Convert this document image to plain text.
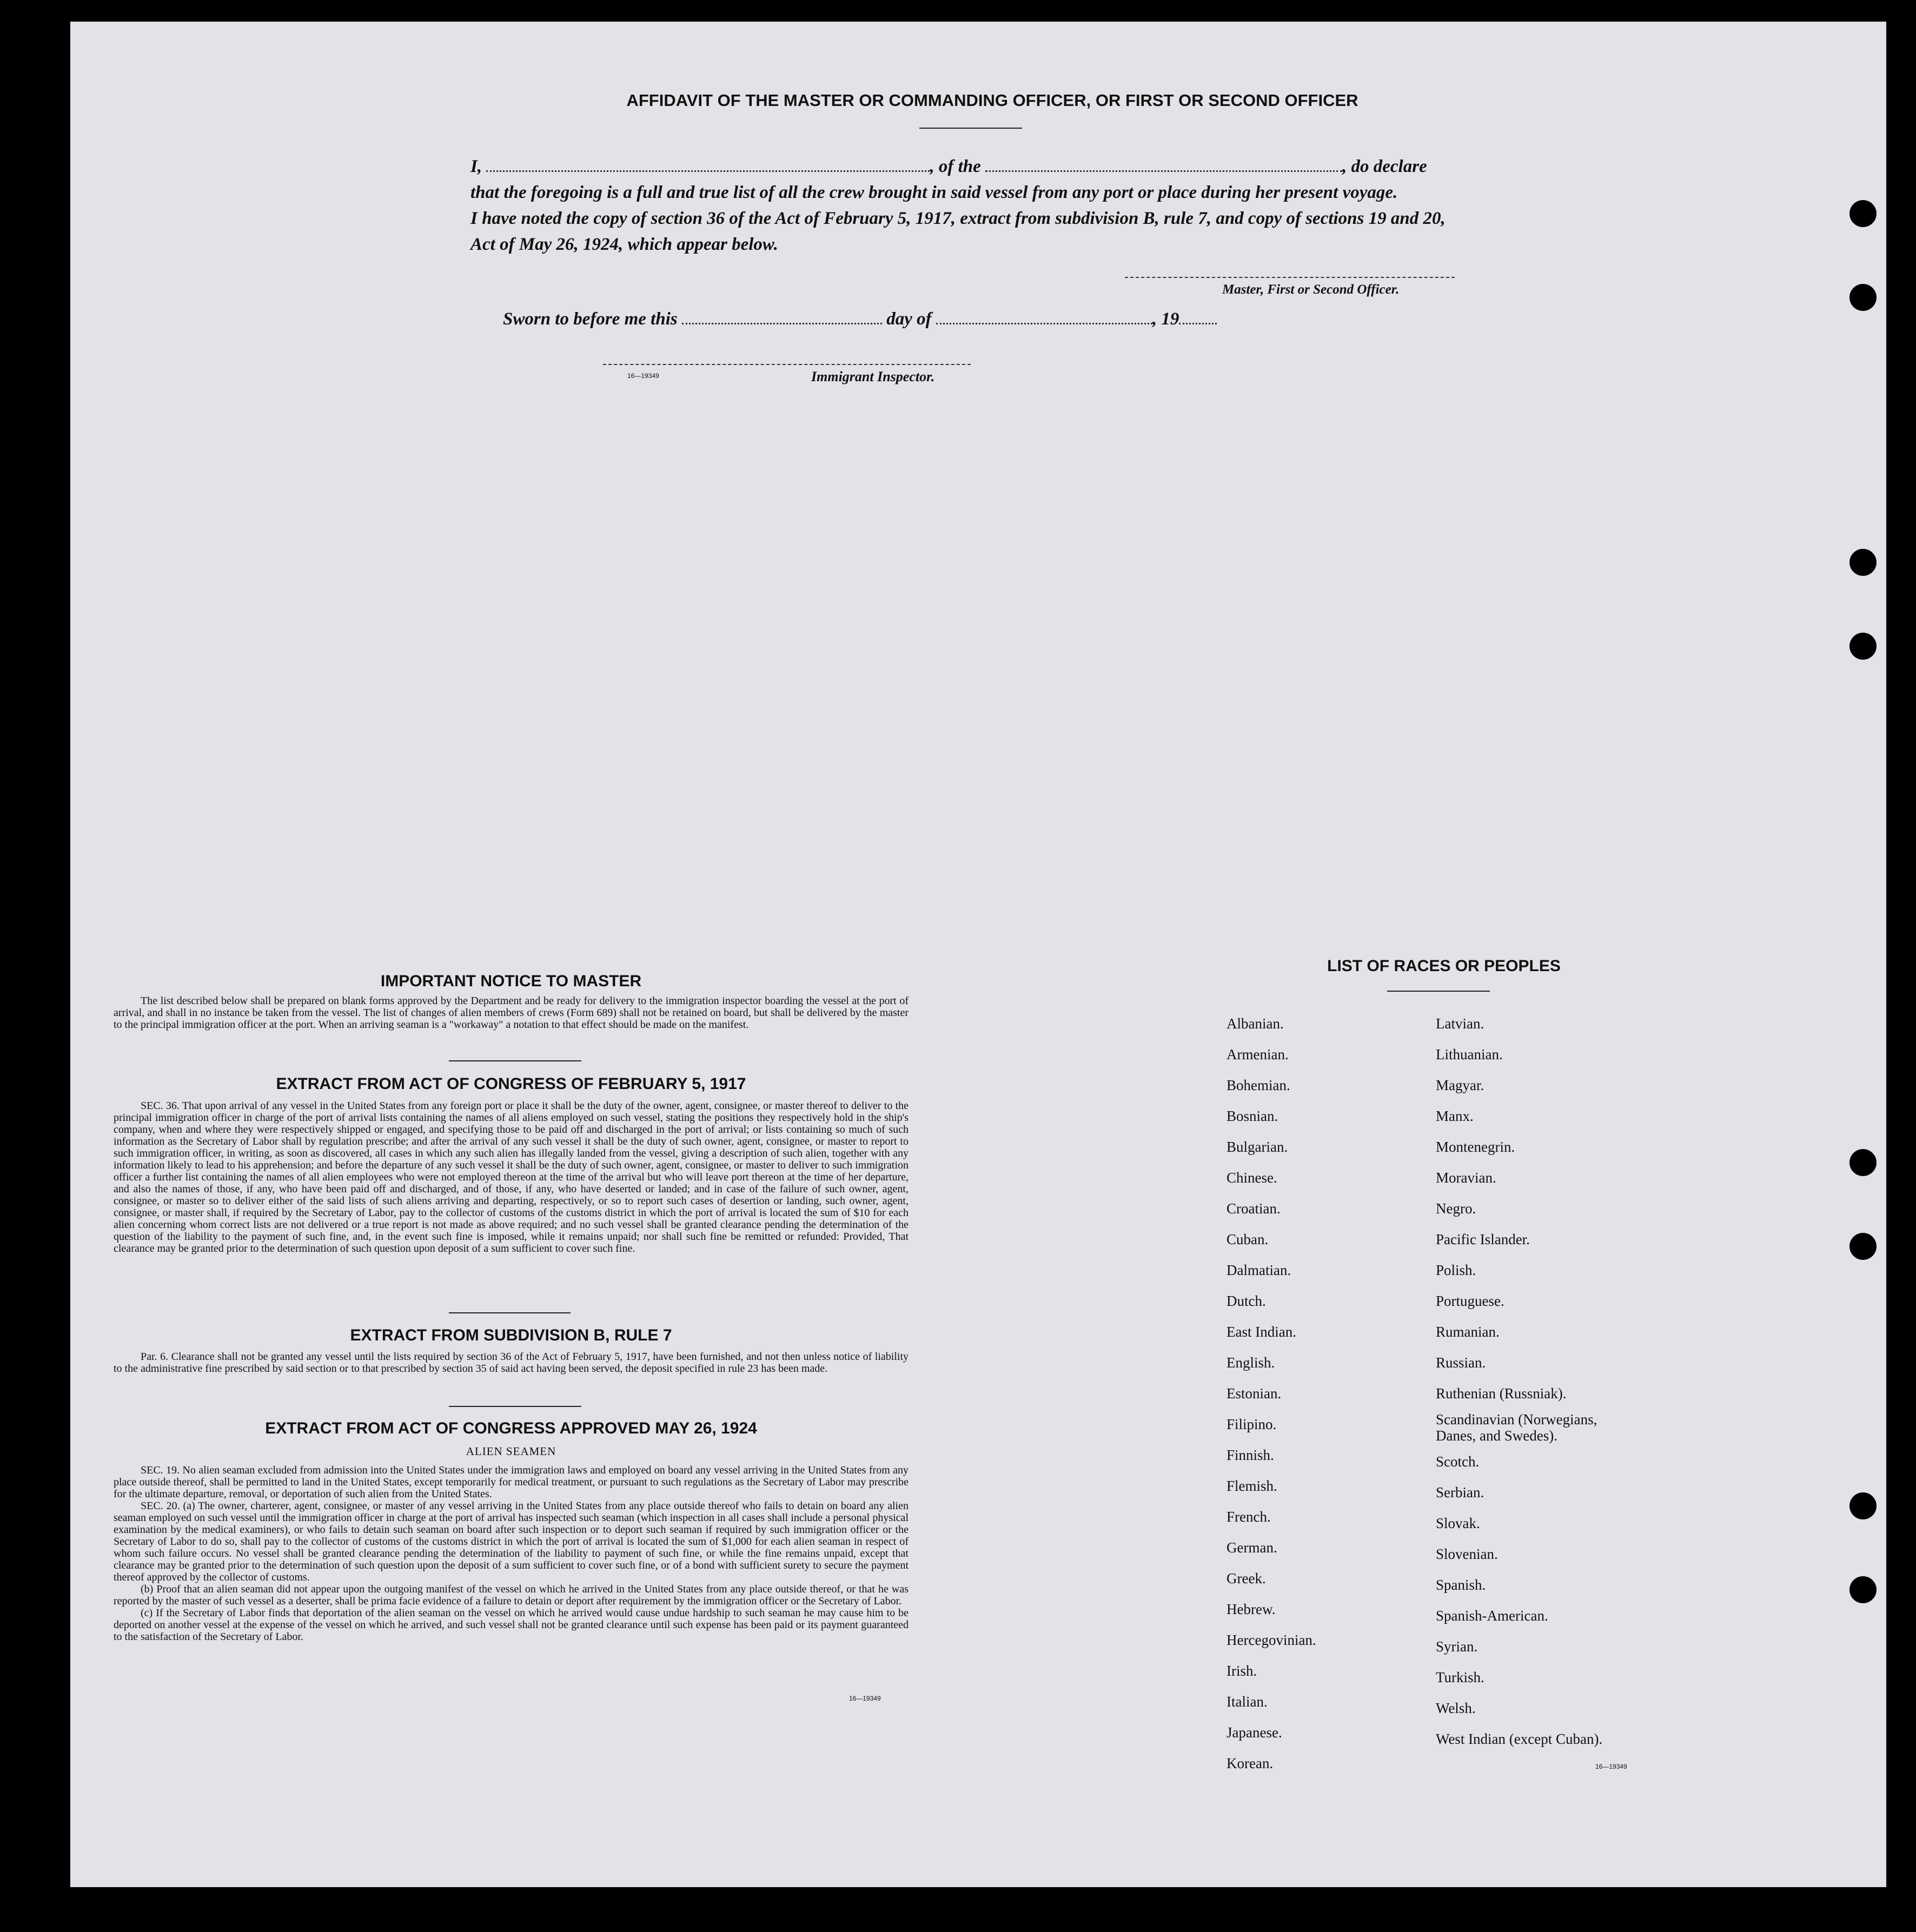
AFFIDAVIT OF THE MASTER OR COMMANDING OFFICER, OR FIRST OR SECOND OFFICER
I,	, of the	, do declare
that the foregoing is a full and true list of all the crew brought in said vessel from any port or place during her present voyage.
I have noted the copy of section 36 of the Act of February 5, 1917, extract from subdivision B, rule 7, and copy of sections 19 and 20,
Act of May 26, 1924, which appear below.
Master, First or Second Officer.
Sworn to before me this	day of	, 19
16—19349	Immigrant Inspector.
IMPORTANT NOTICE TO MASTER

The list described below shall be prepared on blank forms approved by the Department and be ready for delivery to the immigration inspector boarding the vessel at the port of arrival, and shall in no instance be taken from the vessel. The list of changes of alien members of crews (Form 689) shall not be retained on board, but shall be delivered by the master to the principal immigration officer at the port. When an arriving seaman is a "workaway" a notation to that effect should be made on the manifest.

EXTRACT FROM ACT OF CONGRESS OF FEBRUARY 5, 1917

SEC. 36. That upon arrival of any vessel in the United States from any foreign port or place it shall be the duty of the owner, agent, consignee, or master thereof to deliver to the principal immigration officer in charge of the port of arrival lists containing the names of all aliens employed on such vessel, stating the positions they respectively hold in the ship's company, when and where they were respectively shipped or engaged, and specifying those to be paid off and discharged in the port of arrival; or lists containing so much of such information as the Secretary of Labor shall by regulation prescribe; and after the arrival of any such vessel it shall be the duty of such owner, agent, consignee, or master to report to such immigration officer, in writing, as soon as discovered, all cases in which any such alien has illegally landed from the vessel, giving a description of such alien, together with any information likely to lead to his apprehension; and before the departure of any such vessel it shall be the duty of such owner, agent, consignee, or master to deliver to such immigration officer a further list containing the names of all alien employees who were not employed thereon at the time of the arrival but who will leave port thereon at the time of her departure, and also the names of those, if any, who have been paid off and discharged, and of those, if any, who have deserted or landed; and in case of the failure of such owner, agent, consignee, or master so to deliver either of the said lists of such aliens arriving and departing, respectively, or so to report such cases of desertion or landing, such owner, agent, consignee, or master shall, if required by the Secretary of Labor, pay to the collector of customs of the customs district in which the port of arrival is located the sum of $10 for each alien concerning whom correct lists are not delivered or a true report is not made as above required; and no such vessel shall be granted clearance pending the determination of the question of the liability to the payment of such fine, and, in the event such fine is imposed, while it remains unpaid; nor shall such fine be remitted or refunded: Provided, That clearance may be granted prior to the determination of such question upon deposit of a sum sufficient to cover such fine.

EXTRACT FROM SUBDIVISION B, RULE 7

Par. 6. Clearance shall not be granted any vessel until the lists required by section 36 of the Act of February 5, 1917, have been furnished, and not then unless notice of liability to the administrative fine prescribed by said section or to that prescribed by section 35 of said act having been served, the deposit specified in rule 23 has been made.

EXTRACT FROM ACT OF CONGRESS APPROVED MAY 26, 1924
ALIEN SEAMEN

SEC. 19. No alien seaman excluded from admission into the United States under the immigration laws and employed on board any vessel arriving in the United States from any place outside thereof, shall be permitted to land in the United States, except temporarily for medical treatment, or pursuant to such regulations as the Secretary of Labor may prescribe for the ultimate departure, removal, or deportation of such alien from the United States.

SEC. 20. (a) The owner, charterer, agent, consignee, or master of any vessel arriving in the United States from any place outside thereof who fails to detain on board any alien seaman employed on such vessel until the immigration officer in charge at the port of arrival has inspected such seaman (which inspection in all cases shall include a personal physical examination by the medical examiners), or who fails to detain such seaman on board after such inspection or to deport such seaman if required by such immigration officer or the Secretary of Labor to do so, shall pay to the collector of customs of the customs district in which the port of arrival is located the sum of $1,000 for each alien seaman in respect of whom such failure occurs. No vessel shall be granted clearance pending the determination of the liability to payment of such fine, or while the fine remains unpaid, except that clearance may be granted prior to the determination of such question upon the deposit of a sum sufficient to cover such fine, or of a bond with sufficient surety to secure the payment thereof approved by the collector of customs.

(b) Proof that an alien seaman did not appear upon the outgoing manifest of the vessel on which he arrived in the United States from any place outside thereof, or that he was reported by the master of such vessel as a deserter, shall be prima facie evidence of a failure to detain or deport after requirement by the immigration officer or the Secretary of Labor.

(c) If the Secretary of Labor finds that deportation of the alien seaman on the vessel on which he arrived would cause undue hardship to such seaman he may cause him to be deported on another vessel at the expense of the vessel on which he arrived, and such vessel shall not be granted clearance until such expense has been paid or its payment guaranteed to the satisfaction of the Secretary of Labor.

16—19349
LIST OF RACES OR PEOPLES
Albanian.
Armenian.
Bohemian.
Bosnian.
Bulgarian.
Chinese.
Croatian.
Cuban.
Dalmatian.
Dutch.
East Indian.
English.
Estonian.
Filipino.
Finnish.
Flemish.
French.
German.
Greek.
Hebrew.
Hercegovinian.
Irish.
Italian.
Japanese.
Korean.
Latvian.
Lithuanian.
Magyar.
Manx.
Montenegrin.
Moravian.
Negro.
Pacific Islander.
Polish.
Portuguese.
Rumanian.
Russian.
Ruthenian (Russniak).
Scandinavian (Norwegians,
Scotch.
Serbian.
Slovak.
Slovenian.
Spanish.
Spanish-American.
Syrian.
Turkish.
Welsh.
West Indian (except Cuban).
Danes, and Swedes).
16—19349
